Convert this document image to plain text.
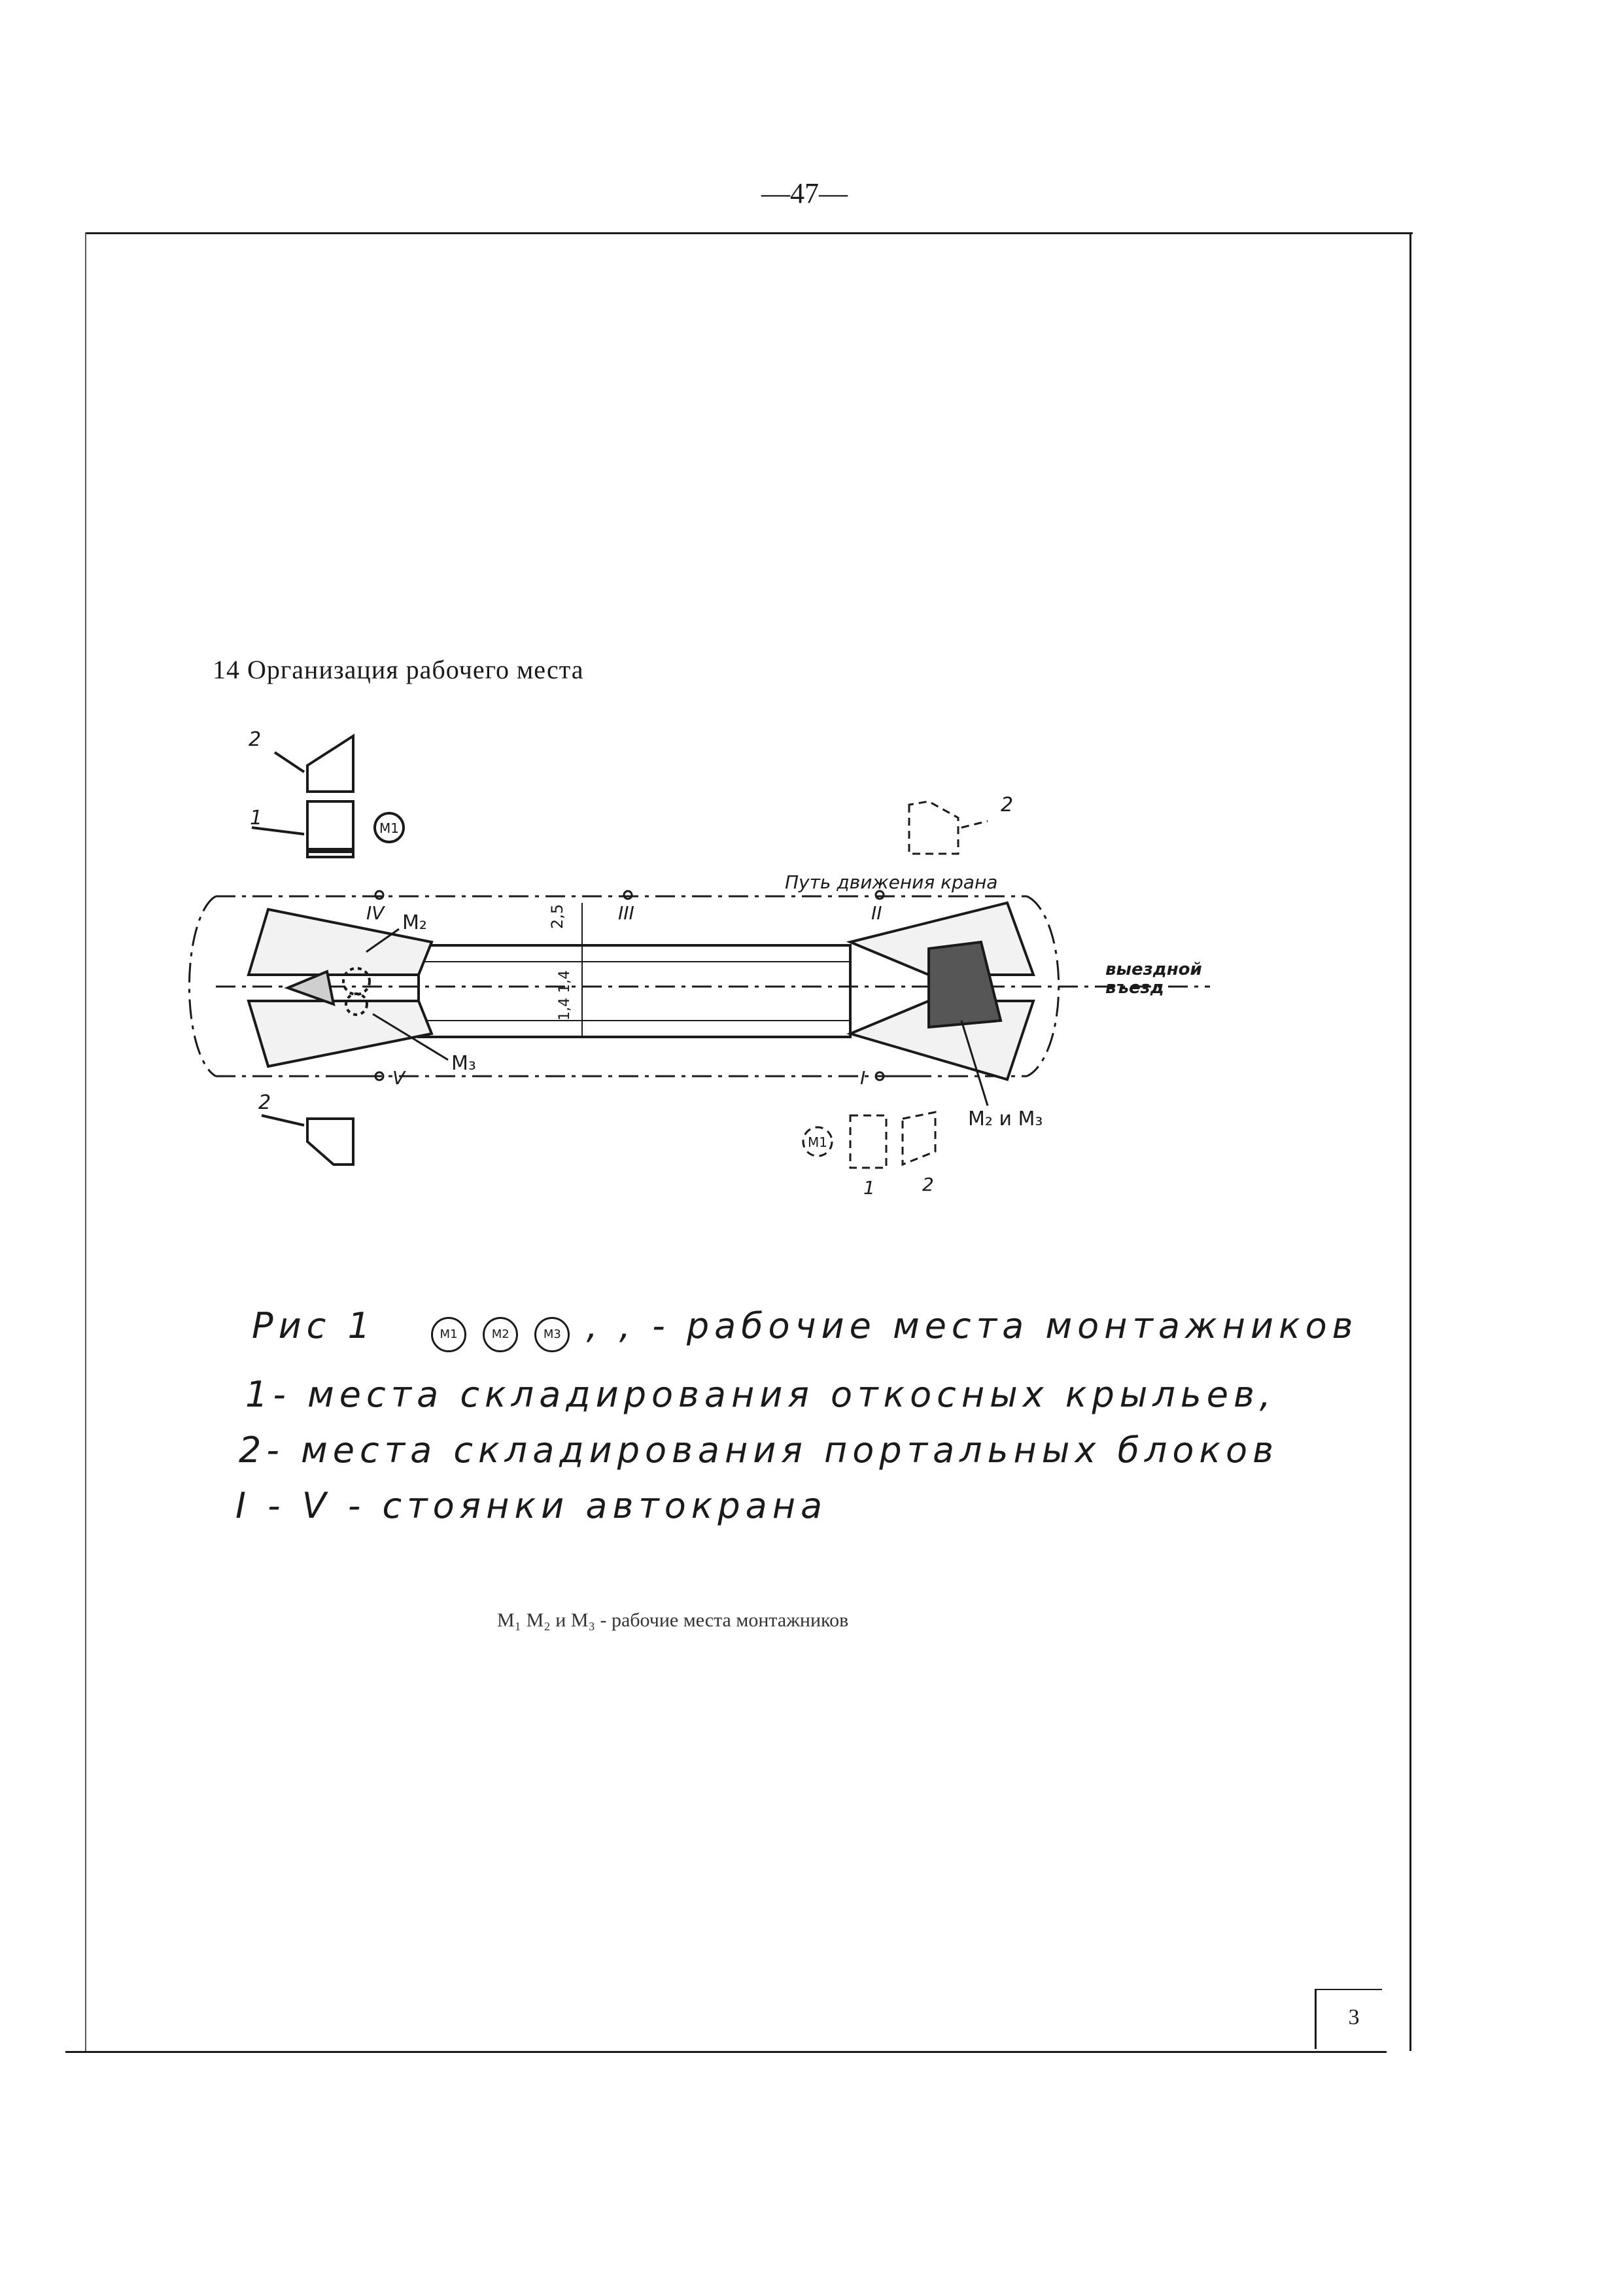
—47—
3
14 Организация рабочего места
2
1	M1
2
Путь движения крана
IV	III	II
V	I
2,5
1,4 1,4
M₂
M₃
M₂ и M₃
выездной
въезд
2
M1
1	2
Рис 1	M1	M2	M3 , , - рабочие места монтажников
1- места складирования откосных крыльев,
2- места складирования портальных блоков
I - V - стоянки автокрана
М₁ М₂ и М₃ - рабочие места монтажников
